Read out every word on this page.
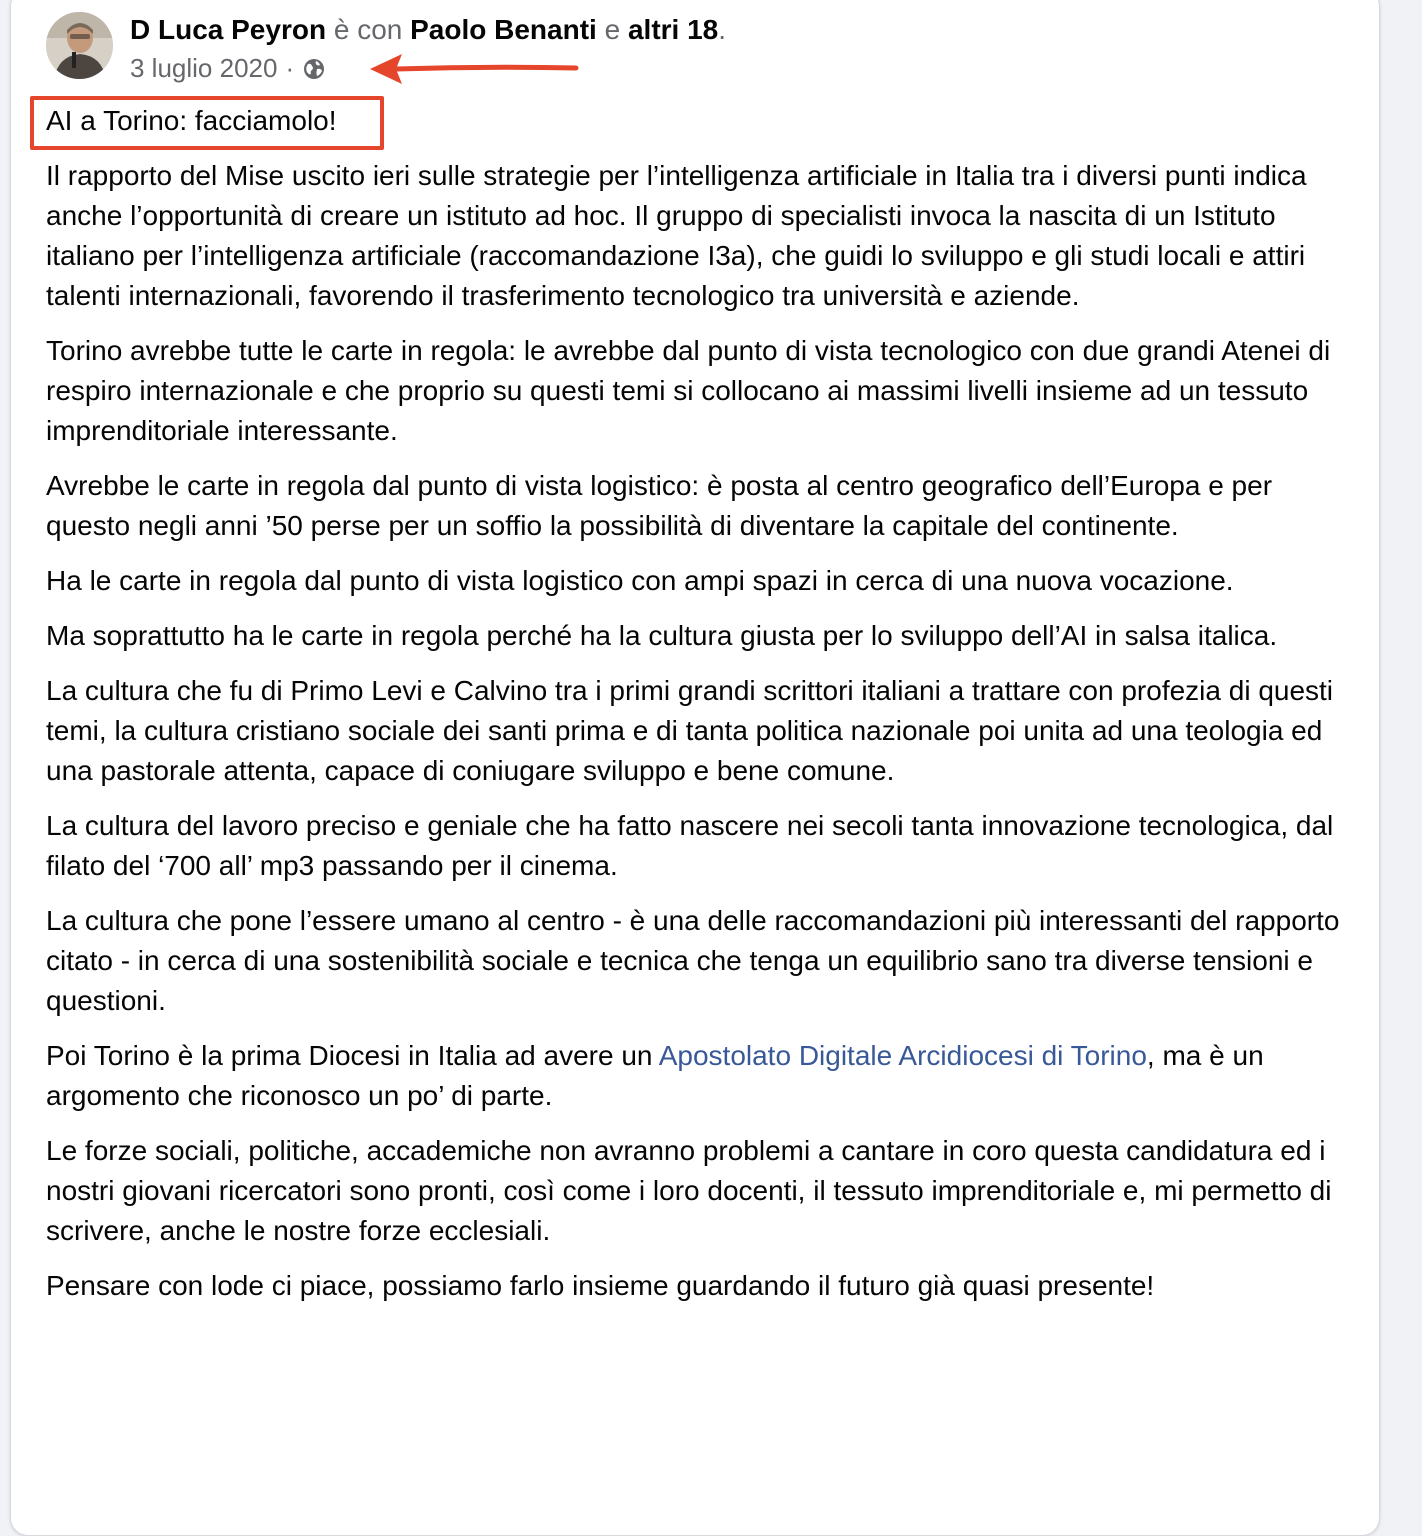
D Luca Peyron è con Paolo Benanti e altri 18.
3 luglio 2020 ·
AI a Torino: facciamolo!

Il rapporto del Mise uscito ieri sulle strategie per l’intelligenza artificiale in Italia tra i diversi punti indica anche l’opportunità di creare un istituto ad hoc. Il gruppo di specialisti invoca la nascita di un Istituto italiano per l’intelligenza artificiale (raccomandazione I3a), che guidi lo sviluppo e gli studi locali e attiri talenti internazionali, favorendo il trasferimento tecnologico tra università e aziende.

Torino avrebbe tutte le carte in regola: le avrebbe dal punto di vista tecnologico con due grandi Atenei di respiro internazionale e che proprio su questi temi si collocano ai massimi livelli insieme ad un tessuto imprenditoriale interessante.

Avrebbe le carte in regola dal punto di vista logistico: è posta al centro geografico dell’Europa e per questo negli anni ’50 perse per un soffio la possibilità di diventare la capitale del continente.

Ha le carte in regola dal punto di vista logistico con ampi spazi in cerca di una nuova vocazione.

Ma soprattutto ha le carte in regola perché ha la cultura giusta per lo sviluppo dell’AI in salsa italica.

La cultura che fu di Primo Levi e Calvino tra i primi grandi scrittori italiani a trattare con profezia di questi temi, la cultura cristiano sociale dei santi prima e di tanta politica nazionale poi unita ad una teologia ed una pastorale attenta, capace di coniugare sviluppo e bene comune.

La cultura del lavoro preciso e geniale che ha fatto nascere nei secoli tanta innovazione tecnologica, dal filato del ‘700 all’ mp3 passando per il cinema.

La cultura che pone l’essere umano al centro - è una delle raccomandazioni più interessanti del rapporto citato - in cerca di una sostenibilità sociale e tecnica che tenga un equilibrio sano tra diverse tensioni e questioni.

Poi Torino è la prima Diocesi in Italia ad avere un Apostolato Digitale Arcidiocesi di Torino, ma è un argomento che riconosco un po’ di parte.

Le forze sociali, politiche, accademiche non avranno problemi a cantare in coro questa candidatura ed i nostri giovani ricercatori sono pronti, così come i loro docenti, il tessuto imprenditoriale e, mi permetto di scrivere, anche le nostre forze ecclesiali.

Pensare con lode ci piace, possiamo farlo insieme guardando il futuro già quasi presente!
